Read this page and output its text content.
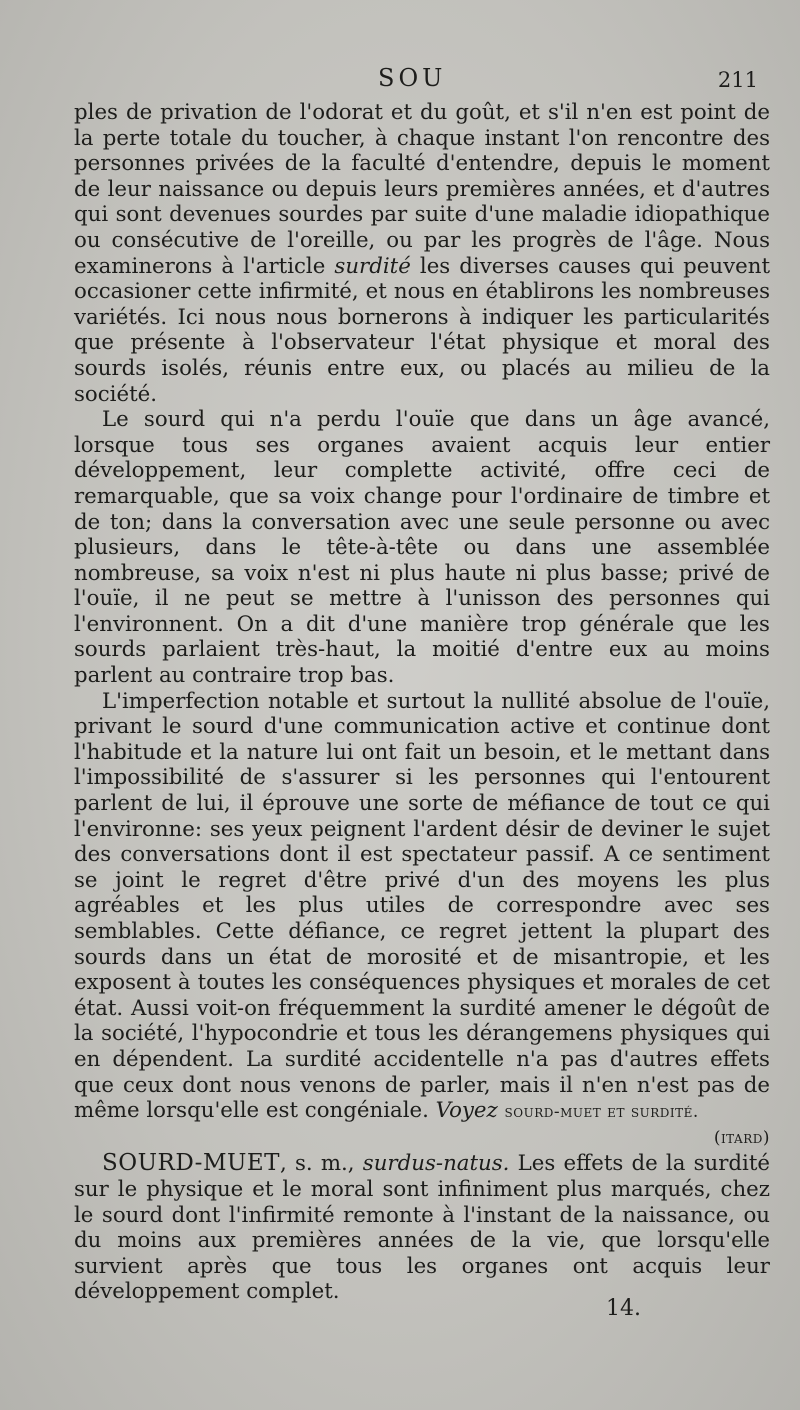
SOU	211

ples de privation de l'odorat et du goût, et s'il n'en est point de la perte totale du toucher, à chaque instant l'on rencontre des personnes privées de la faculté d'entendre, depuis le moment de leur naissance ou depuis leurs premières années, et d'autres qui sont devenues sourdes par suite d'une maladie idiopathique ou consécutive de l'oreille, ou par les progrès de l'âge. Nous examinerons à l'article surdité les diverses causes qui peuvent occasioner cette infirmité, et nous en établirons les nombreuses variétés. Ici nous nous bornerons à indiquer les particularités que présente à l'observateur l'état physique et moral des sourds isolés, réunis entre eux, ou placés au milieu de la société.

Le sourd qui n'a perdu l'ouïe que dans un âge avancé, lorsque tous ses organes avaient acquis leur entier développement, leur complette activité, offre ceci de remarquable, que sa voix change pour l'ordinaire de timbre et de ton; dans la conversation avec une seule personne ou avec plusieurs, dans le tête-à-tête ou dans une assemblée nombreuse, sa voix n'est ni plus haute ni plus basse; privé de l'ouïe, il ne peut se mettre à l'unisson des personnes qui l'environnent. On a dit d'une manière trop générale que les sourds parlaient très-haut, la moitié d'entre eux au moins parlent au contraire trop bas.

L'imperfection notable et surtout la nullité absolue de l'ouïe, privant le sourd d'une communication active et continue dont l'habitude et la nature lui ont fait un besoin, et le mettant dans l'impossibilité de s'assurer si les personnes qui l'entourent parlent de lui, il éprouve une sorte de méfiance de tout ce qui l'environne: ses yeux peignent l'ardent désir de deviner le sujet des conversations dont il est spectateur passif. A ce sentiment se joint le regret d'être privé d'un des moyens les plus agréables et les plus utiles de correspondre avec ses semblables. Cette défiance, ce regret jettent la plupart des sourds dans un état de morosité et de misantropie, et les exposent à toutes les conséquences physiques et morales de cet état. Aussi voit-on fréquemment la surdité amener le dégoût de la société, l'hypocondrie et tous les dérangemens physiques qui en dépendent. La surdité accidentelle n'a pas d'autres effets que ceux dont nous venons de parler, mais il n'en n'est pas de même lorsqu'elle est congéniale. Voyez sourd-muet et surdité.
(itard)

SOURD-MUET, s. m., surdus-natus. Les effets de la surdité sur le physique et le moral sont infiniment plus marqués, chez le sourd dont l'infirmité remonte à l'instant de la naissance, ou du moins aux premières années de la vie, que lorsqu'elle survient après que tous les organes ont acquis leur développement complet.

14.
